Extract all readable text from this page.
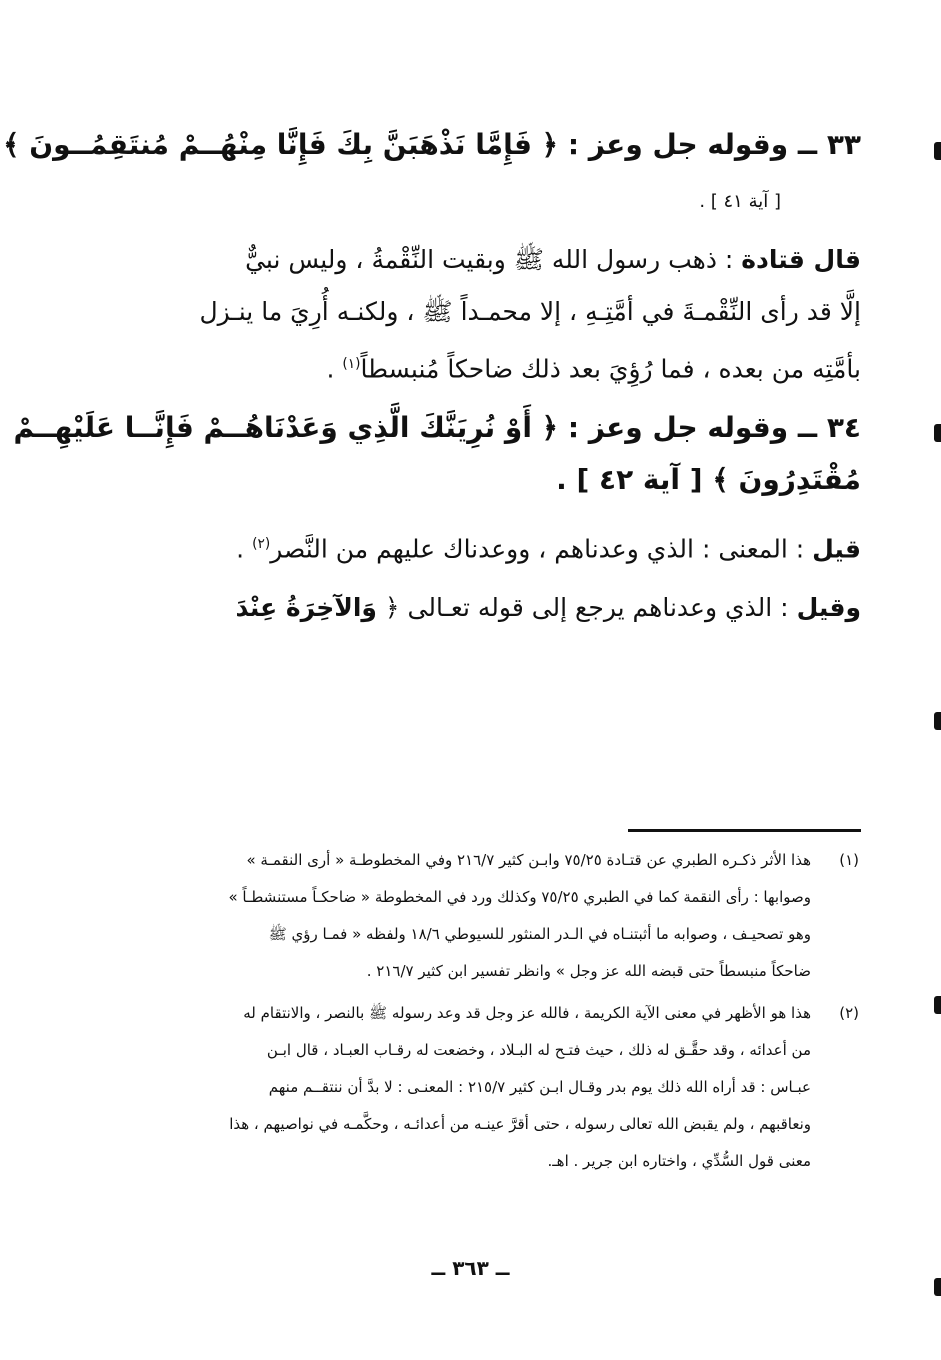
٣٣ ــ وقوله جل وعز : ﴿ فَإِمَّا نَذْهَبَنَّ بِكَ فَإِنَّا مِنْهُــمْ مُنتَقِمُــونَ ﴾
[ آية ٤١ ] .
قال قتادة : ذهب رسول الله ﷺ وبقيت النِّقْمةُ ، وليس نبيٌّ
إلَّا قد رأى النِّقْمـةَ في أمَّتِـهِ ، إلا محمـداً ﷺ ، ولكنـه أُرِيَ ما ينـزل
بأمَّتِه من بعده ، فما رُؤِيَ بعد ذلك ضاحكاً مُنبسطاً$^{(١)}$ .
٣٤ ــ وقوله جل وعز : ﴿ أَوْ نُرِيَنَّكَ الَّذِي وَعَدْنَاهُــمْ فَإِنَّــا عَلَيْهِــمْ
مُقْتَدِرُونَ ﴾ [ آية ٤٢ ] .
قيل : المعنى : الذي وعدناهم ، ووعدناك عليهم من النَّصر$^{(٢)}$ .
وقيل : الذي وعدناهم يرجع إلى قوله تعـالى ﴿ وَالآخِرَةُ عِنْدَ
(١)
هذا الأثر ذكـره الطبري عن قتـادة ٧٥/٢٥ وابـن كثير ٢١٦/٧ وفي المخطوطـة « أرى النقمـة »
وصوابها : رأى النقمة كما في الطبري ٧٥/٢٥ وكذلك ورد في المخطوطة « ضاحكـاً مستنشطـاً »
وهو تصحيـف ، وصوابه ما أثبتنـاه في الـدر المنثور للسيوطي ١٨/٦ ولفظه « فمـا رؤي ﷺ
ضاحكاً منبسطاً حتى قبضه الله عز وجل » وانظر تفسير ابن كثير ٢١٦/٧ .
(٢)
هذا هو الأظهر في معنى الآية الكريمة ، فالله عز وجل قد وعد رسوله ﷺ بالنصر ، والانتقام له
من أعدائه ، وقد حقَّـق له ذلك ، حيث فتـح له البـلاد ، وخضعت له رقـاب العبـاد ، قال ابـن
عبـاس : قد أراه الله ذلك يوم بدر وقـال ابـن كثير ٢١٥/٧ : المعنـى : لا بدَّ أن ننتقــم منهم
ونعاقبهم ، ولم يقبض الله تعالى رسوله ، حتى أقرَّ عينـه من أعدائـه ، وحكَّمـه في نواصيهم ، هذا
معنى قول السُّدِّي ، واختاره ابن جرير . اهـ.
ــ ٣٦٣ ــ
